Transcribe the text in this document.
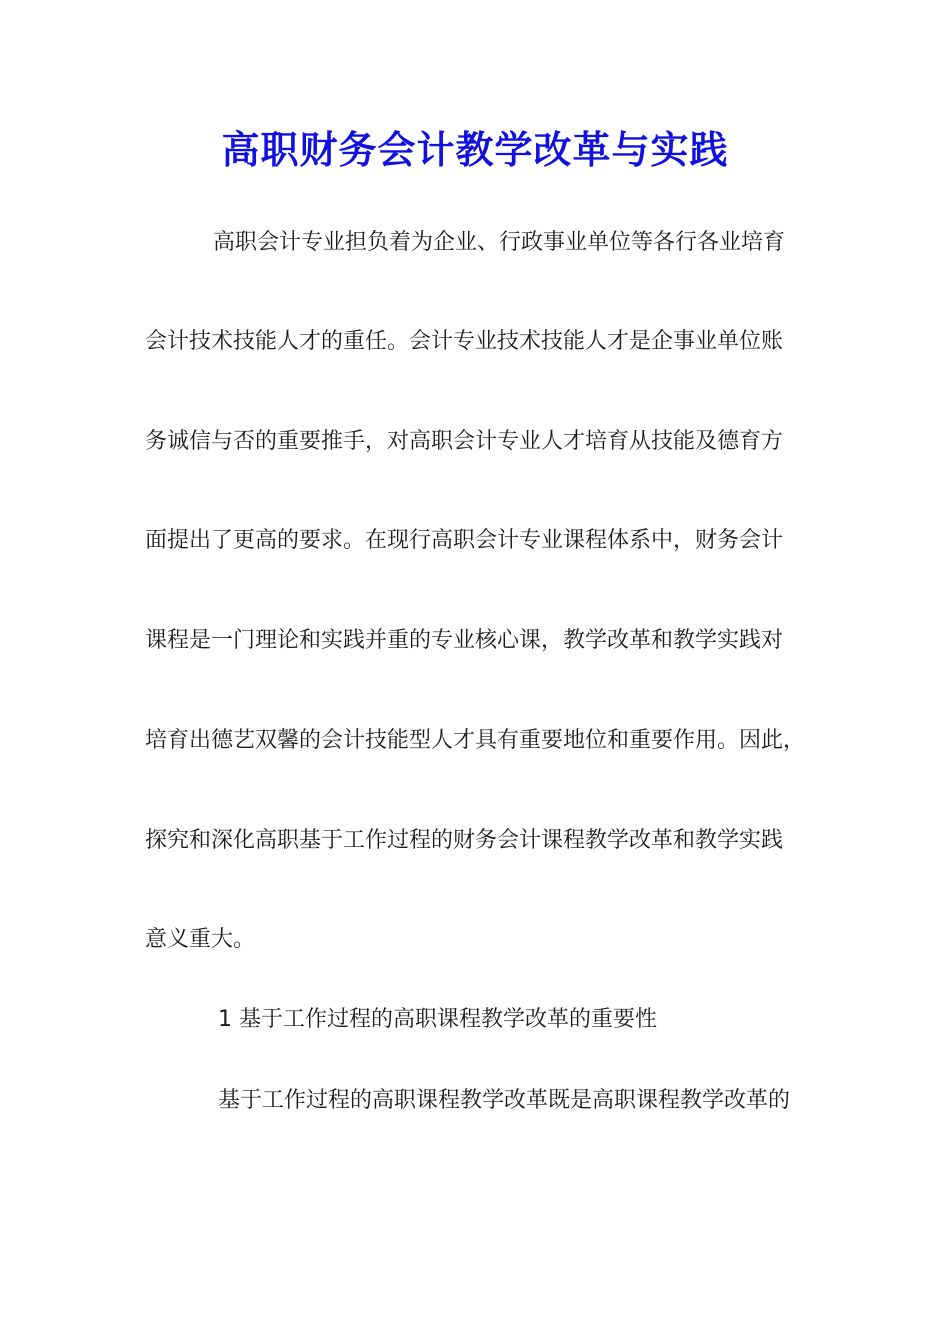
高职财务会计教学改革与实践
高职会计专业担负着为企业、行政事业单位等各行各业培育
会计技术技能人才的重任。会计专业技术技能人才是企事业单位账
务诚信与否的重要推手，对高职会计专业人才培育从技能及德育方
面提出了更高的要求。在现行高职会计专业课程体系中，财务会计
课程是一门理论和实践并重的专业核心课，教学改革和教学实践对
培育出德艺双馨的会计技能型人才具有重要地位和重要作用。因此，
探究和深化高职基于工作过程的财务会计课程教学改革和教学实践
意义重大。
1 基于工作过程的高职课程教学改革的重要性
基于工作过程的高职课程教学改革既是高职课程教学改革的
